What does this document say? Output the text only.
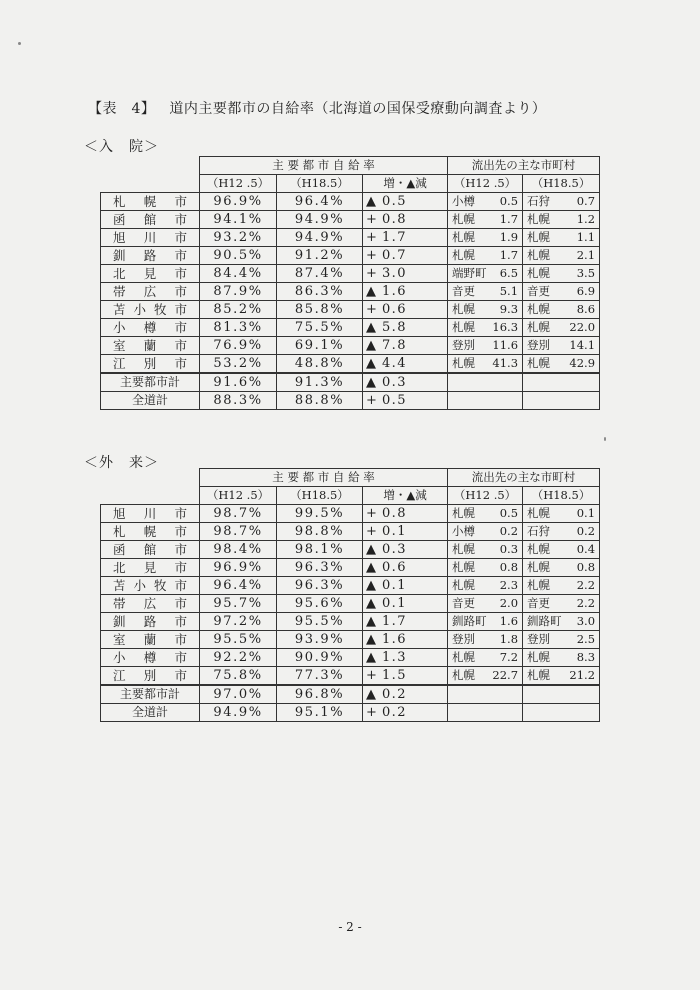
【表　4】 道内主要都市の自給率（北海道の国保受療動向調査より）
＜入　院＞
	主 要 都 市 自 給 率			流出先の主な市町村	
	（H12 .5）	（H18.5）	増・▲減	（H12 .5）	（H18.5）
札幌市	96.9%	96.4%	▲ 0.5	小樽 0.5	石狩 0.7

函館市	94.1%	94.9%	+ 0.8	札幌 1.7	札幌 1.2

旭川市	93.2%	94.9%	+ 1.7	札幌 1.9	札幌 1.1

釧路市	90.5%	91.2%	+ 0.7	札幌 1.7	札幌 2.1

北見市	84.4%	87.4%	+ 3.0	端野町 6.5	札幌 3.5

帯広市	87.9%	86.3%	▲ 1.6	音更 5.1	音更 6.9

苫小牧市	85.2%	85.8%	+ 0.6	札幌 9.3	札幌 8.6

小樽市	81.3%	75.5%	▲ 5.8	札幌 16.3	札幌 22.0

室蘭市	76.9%	69.1%	▲ 7.8	登別 11.6	登別 14.1

江別市	53.2%	48.8%	▲ 4.4	札幌 41.3	札幌 42.9

主要都市計	91.6%	91.3%	▲ 0.3		
全道計	88.3%	88.8%	+ 0.5		
＜外　来＞
	主 要 都 市 自 給 率			流出先の主な市町村	
	（H12 .5）	（H18.5）	増・▲減	（H12 .5）	（H18.5）
旭川市	98.7%	99.5%	+ 0.8	札幌 0.5	札幌 0.1

札幌市	98.7%	98.8%	+ 0.1	小樽 0.2	石狩 0.2

函館市	98.4%	98.1%	▲ 0.3	札幌 0.3	札幌 0.4

北見市	96.9%	96.3%	▲ 0.6	札幌 0.8	札幌 0.8

苫小牧市	96.4%	96.3%	▲ 0.1	札幌 2.3	札幌 2.2

帯広市	95.7%	95.6%	▲ 0.1	音更 2.0	音更 2.2

釧路市	97.2%	95.5%	▲ 1.7	釧路町 1.6	釧路町 3.0

室蘭市	95.5%	93.9%	▲ 1.6	登別 1.8	登別 2.5

小樽市	92.2%	90.9%	▲ 1.3	札幌 7.2	札幌 8.3

江別市	75.8%	77.3%	+ 1.5	札幌 22.7	札幌 21.2

主要都市計	97.0%	96.8%	▲ 0.2		
全道計	94.9%	95.1%	+ 0.2		
- 2 -
